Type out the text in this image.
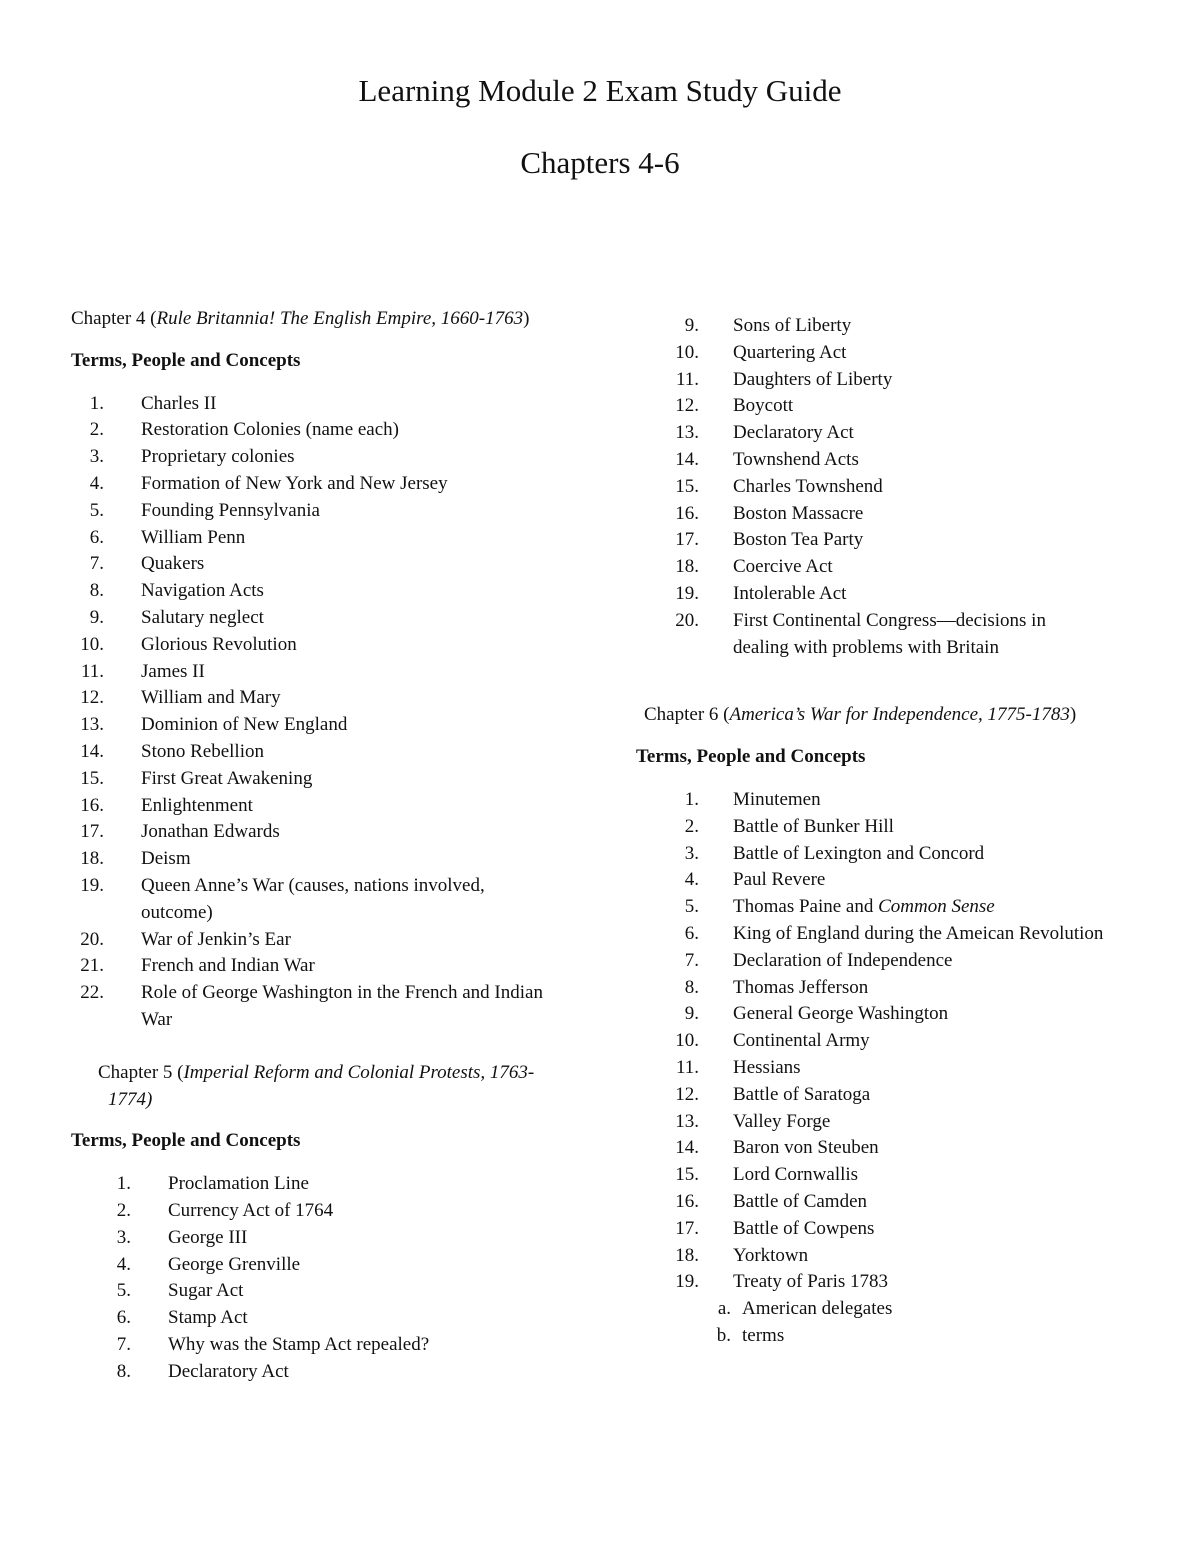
Learning Module 2 Exam Study Guide
Chapters 4-6

Chapter 4 (Rule Britannia! The English Empire, 1660-1763)

Terms, People and Concepts

1. Charles II
2. Restoration Colonies (name each)
3. Proprietary colonies
4. Formation of New York and New Jersey
5. Founding Pennsylvania
6. William Penn
7. Quakers
8. Navigation Acts
9. Salutary neglect
10. Glorious Revolution
11. James II
12. William and Mary
13. Dominion of New England
14. Stono Rebellion
15. First Great Awakening
16. Enlightenment
17. Jonathan Edwards
18. Deism
19. Queen Anne’s War (causes, nations involved, outcome)
20. War of Jenkin’s Ear
21. French and Indian War
22. Role of George Washington in the French and Indian War

Chapter 5 (Imperial Reform and Colonial Protests, 1763-1774)

Terms, People and Concepts

1. Proclamation Line
2. Currency Act of 1764
3. George III
4. George Grenville
5. Sugar Act
6. Stamp Act
7. Why was the Stamp Act repealed?
8. Declaratory Act
9. Sons of Liberty
10. Quartering Act
11. Daughters of Liberty
12. Boycott
13. Declaratory Act
14. Townshend Acts
15. Charles Townshend
16. Boston Massacre
17. Boston Tea Party
18. Coercive Act
19. Intolerable Act
20. First Continental Congress—decisions in dealing with problems with Britain

Chapter 6 (America’s War for Independence, 1775-1783)

Terms, People and Concepts

1. Minutemen
2. Battle of Bunker Hill
3. Battle of Lexington and Concord
4. Paul Revere
5. Thomas Paine and Common Sense
6. King of England during the Ameican Revolution
7. Declaration of Independence
8. Thomas Jefferson
9. General George Washington
10. Continental Army
11. Hessians
12. Battle of Saratoga
13. Valley Forge
14. Baron von Steuben
15. Lord Cornwallis
16. Battle of Camden
17. Battle of Cowpens
18. Yorktown
19. Treaty of Paris 1783
a. American delegates
b. terms
